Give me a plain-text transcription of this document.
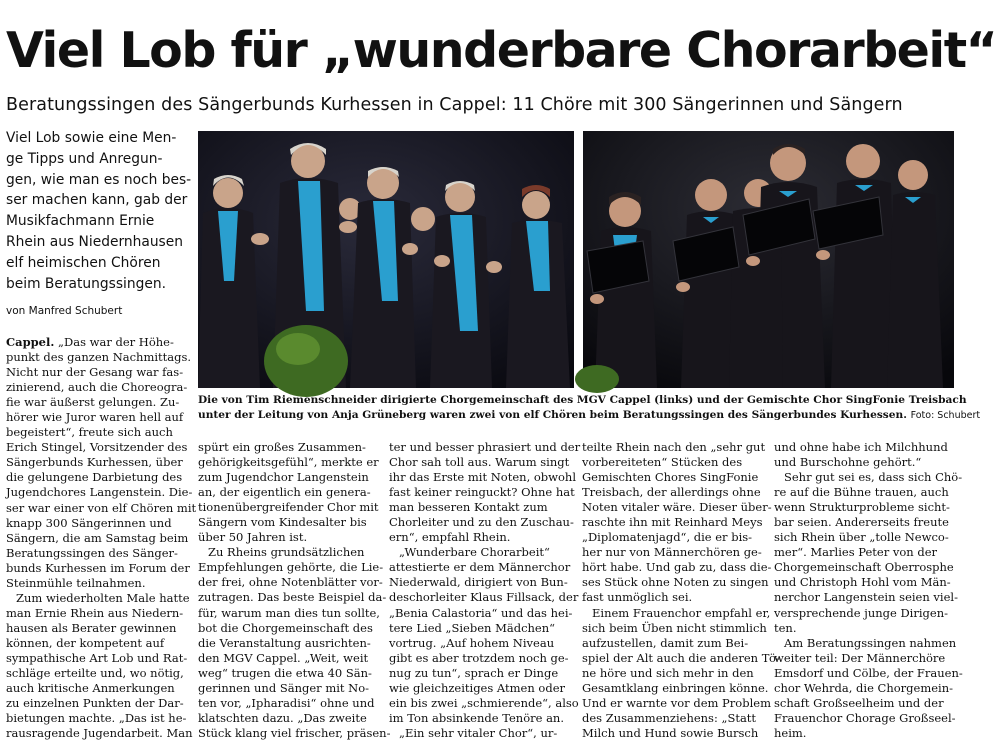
Viel Lob für „wunderbare Chorarbeit“
Beratungssingen des Sängerbunds Kurhessen in Cappel: 11 Chöre mit 300 Sängerinnen und Sängern
Viel Lob sowie eine Men-
ge Tipps und Anregun-
gen, wie man es noch bes-
ser machen kann, gab der
Musikfachmann Ernie
Rhein aus Niedernhausen
elf heimischen Chören
beim Beratungssingen.
von Manfred Schubert
Die von Tim Riemenschneider dirigierte Chorgemeinschaft des MGV Cappel (links) und der Gemischte Chor SingFonie Treisbach
unter der Leitung von Anja Grüneberg waren zwei von elf Chören beim Beratungssingen des Sängerbundes Kurhessen. Foto: Schubert
Cappel. „Das war der Höhe-
punkt des ganzen Nachmittags.
Nicht nur der Gesang war fas-
zinierend, auch die Choreogra-
fie war äußerst gelungen. Zu-
hörer wie Juror waren hell auf
begeistert“, freute sich auch
Erich Stingel, Vorsitzender des
Sängerbunds Kurhessen, über
die gelungene Darbietung des
Jugendchores Langenstein. Die-
ser war einer von elf Chören mit
knapp 300 Sängerinnen und
Sängern, die am Samstag beim
Beratungssingen des Sänger-
bunds Kurhessen im Forum der
Steinmühle teilnahmen.
Zum wiederholten Male hatte
man Ernie Rhein aus Niedern-
hausen als Berater gewinnen
können, der kompetent auf
sympathische Art Lob und Rat-
schläge erteilte und, wo nötig,
auch kritische Anmerkungen
zu einzelnen Punkten der Dar-
bietungen machte. „Das ist he-
rausragende Jugendarbeit. Man
spürt ein großes Zusammen-
gehörigkeitsgefühl“, merkte er
zum Jugendchor Langenstein
an, der eigentlich ein genera-
tionenübergreifender Chor mit
Sängern vom Kindesalter bis
über 50 Jahren ist.
Zu Rheins grundsätzlichen
Empfehlungen gehörte, die Lie-
der frei, ohne Notenblätter vor-
zutragen. Das beste Beispiel da-
für, warum man dies tun sollte,
bot die Chorgemeinschaft des
die Veranstaltung ausrichten-
den MGV Cappel. „Weit, weit
weg“ trugen die etwa 40 Sän-
gerinnen und Sänger mit No-
ten vor, „Ipharadisi“ ohne und
klatschten dazu. „Das zweite
Stück klang viel frischer, präsen-
ter und besser phrasiert und der
Chor sah toll aus. Warum singt
ihr das Erste mit Noten, obwohl
fast keiner reinguckt? Ohne hat
man besseren Kontakt zum
Chorleiter und zu den Zuschau-
ern“, empfahl Rhein.
„Wunderbare Chorarbeit“
attestierte er dem Männerchor
Niederwald, dirigiert von Bun-
deschorleiter Klaus Fillsack, der
„Benia Calastoria“ und das hei-
tere Lied „Sieben Mädchen“
vortrug. „Auf hohem Niveau
gibt es aber trotzdem noch ge-
nug zu tun“, sprach er Dinge
wie gleichzeitiges Atmen oder
ein bis zwei „schmierende“, also
im Ton absinkende Tenöre an.
„Ein sehr vitaler Chor“, ur-
teilte Rhein nach den „sehr gut
vorbereiteten“ Stücken des
Gemischten Chores SingFonie
Treisbach, der allerdings ohne
Noten vitaler wäre. Dieser über-
raschte ihn mit Reinhard Meys
„Diplomatenjagd“, die er bis-
her nur von Männerchören ge-
hört habe. Und gab zu, dass die-
ses Stück ohne Noten zu singen
fast unmöglich sei.
Einem Frauenchor empfahl er,
sich beim Üben nicht stimmlich
aufzustellen, damit zum Bei-
spiel der Alt auch die anderen Tö-
ne höre und sich mehr in den
Gesamtklang einbringen könne.
Und er warnte vor dem Problem
des Zusammenziehens: „Statt
Milch und Hund sowie Bursch
und ohne habe ich Milchhund
und Burschohne gehört.“
Sehr gut sei es, dass sich Chö-
re auf die Bühne trauen, auch
wenn Strukturprobleme sicht-
bar seien. Andererseits freute
sich Rhein über „tolle Newco-
mer“. Marlies Peter von der
Chorgemeinschaft Oberrosphe
und Christoph Hohl vom Män-
nerchor Langenstein seien viel-
versprechende junge Dirigen-
ten.
Am Beratungssingen nahmen
weiter teil: Der Männerchöre
Emsdorf und Cölbe, der Frauen-
chor Wehrda, die Chorgemein-
schaft Großseelheim und der
Frauenchor Chorage Großseel-
heim.
